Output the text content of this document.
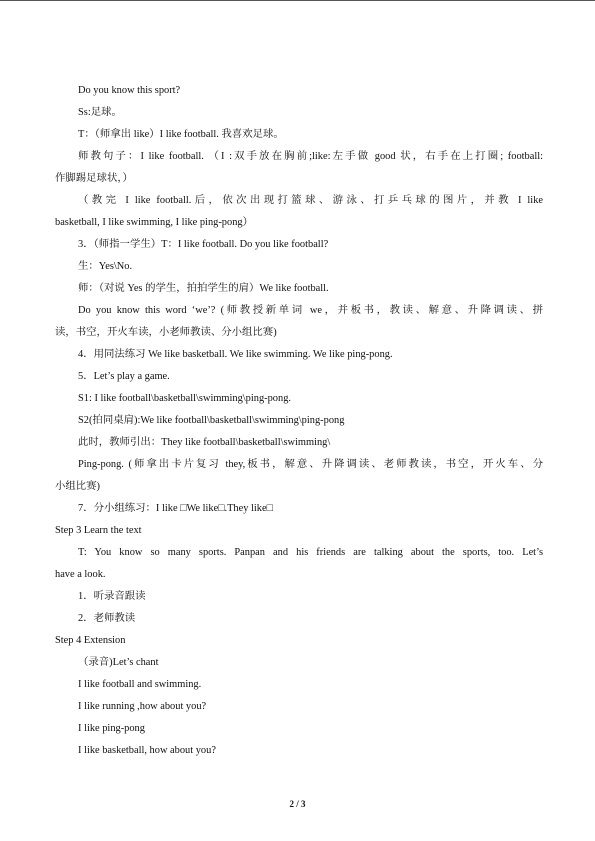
Do you know this sport?
Ss:足球。
T：（师拿出 like）I like football. 我喜欢足球。
师教句子：I like football. （I :双手放在胸前;like:左手做 good 状，右手在上打圈; football:
作脚踢足球状，）
（教完 I like football.后，依次出现打篮球、游泳、打乒乓球的图片，并教 I like
basketball, I like swimming, I like ping-pong）
3．（师指一学生）T：I like football. Do you like football?
生：Yes\No.
师：（对说 Yes 的学生，拍拍学生的肩）We like football.
Do you know this word ‘we’? (师教授新单词 we，并板书，教读、解意、升降调读、拼
读，书空，开火车读，小老师教读、分小组比赛)
4．用同法练习 We like basketball. We like swimming. We like ping-pong.
5．Let’s play a game.
S1: I like football\basketball\swimming\ping-pong.
S2(拍同桌肩):We like football\basketball\swimming\ping-pong
此时，教师引出：They like football\basketball\swimming\
Ping-pong. (师拿出卡片复习 they,板书，解意、升降调读、老师教读，书空，开火车、分
小组比赛)
7．分小组练习：I like □We like□.They like□
Step 3 Learn the text
T: You know so many sports. Panpan and his friends are talking about the sports, too. Let’s
have a look.
1．听录音跟读
2．老师教读
Step 4 Extension
（录音)Let’s chant
I like football and swimming.
I like running ,how about you?
I like ping-pong
I like basketball, how about you?
2 / 3
